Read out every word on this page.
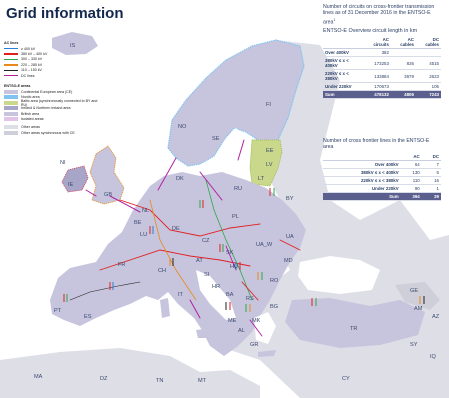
IS
FI
NO
SE
EE
LV
LT
DK
RU
NI
IE
GB
NL
BE
LU
DE
PL
BY
CZ
SK
UA
UA_W
AT
HU
MD
CH
SI
HR
RO
FR
IT	BA
RS
BG
ME	MK
AL
GR
PT
ES
TR
GE
AM
AZ
SY
IQ
CY
MT
MA	DZ	TN
Grid information
AC lines
≥ 400 kV
380 kV – 400 kV
300 – 330 kV
220 – 285 kV
110 – 150 kV
DC lines
ENTSO-E areas
Continental European area (CE)
Nordic area
Baltic area (synchronously connected to BY and RU)
Ireland & Northern Ireland area
British area
Isolated areas
Other areas
Other areas synchronous with CE
Number of circuits on cross-frontier transmission lines as of 31 December 2016 in the ENTSO-E area$^1$
ENTSO-E Overview circuit length in km
	AC circuits	AC cables	DC cables
Over 400kV	382		
380kV ≤ x < 400kV	173253	826	4515
220kV ≤ x < 380kV	133884	3979	2623
Under 220kV	170673		105
Sum	478132	4806	7243
Number of cross frontier lines in the ENTSO-E area
	AC	DC
Over 400kV	64	7
380kV ≤ x < 400kV	130	5
220kV ≤ x < 380kV	110	16
Under 220kV	90	1
Sum	394	29
